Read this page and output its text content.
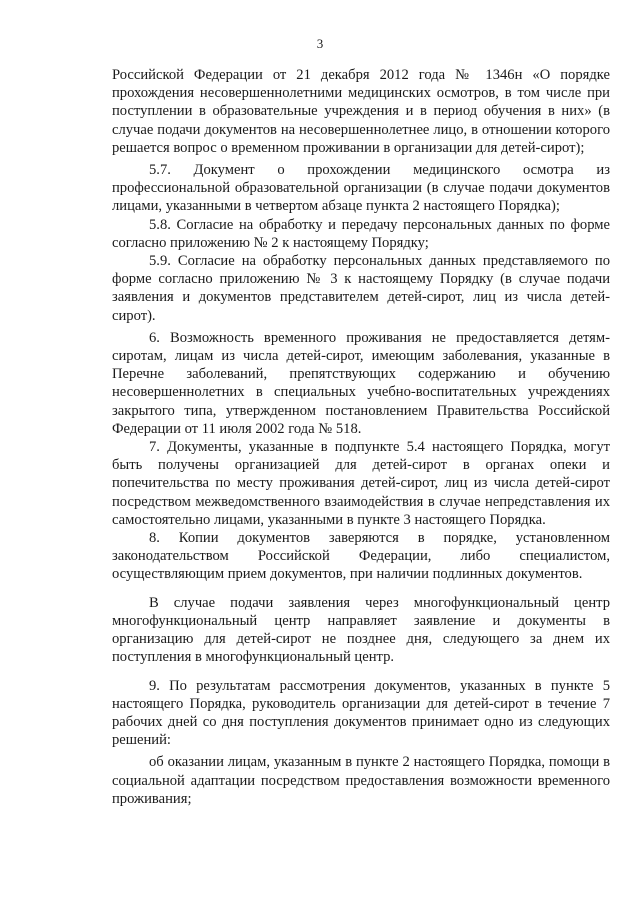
3

Российской Федерации от 21 декабря 2012 года № 1346н «О порядке прохождения несовершеннолетними медицинских осмотров, в том числе при поступлении в образовательные учреждения и в период обучения в них» (в случае подачи документов на несовершеннолетнее лицо, в отношении которого решается вопрос о временном проживании в организации для детей-сирот);

5.7. Документ о прохождении медицинского осмотра из профессиональной образовательной организации (в случае подачи документов лицами, указанными в четвертом абзаце пункта 2 настоящего Порядка);

5.8. Согласие на обработку и передачу персональных данных по форме согласно приложению № 2 к настоящему Порядку;

5.9. Согласие на обработку персональных данных представляемого по форме согласно приложению № 3 к настоящему Порядку (в случае подачи заявления и документов представителем детей-сирот, лиц из числа детей-сирот).

6. Возможность временного проживания не предоставляется детям-сиротам, лицам из числа детей-сирот, имеющим заболевания, указанные в Перечне заболеваний, препятствующих содержанию и обучению несовершеннолетних в специальных учебно-воспитательных учреждениях закрытого типа, утвержденном постановлением Правительства Российской Федерации от 11 июля 2002 года № 518.

7. Документы, указанные в подпункте 5.4 настоящего Порядка, могут быть получены организацией для детей-сирот в органах опеки и попечительства по месту проживания детей-сирот, лиц из числа детей-сирот посредством межведомственного взаимодействия в случае непредставления их самостоятельно лицами, указанными в пункте 3 настоящего Порядка.

8. Копии документов заверяются в порядке, установленном законодательством Российской Федерации, либо специалистом, осуществляющим прием документов, при наличии подлинных документов.

В случае подачи заявления через многофункциональный центр многофункциональный центр направляет заявление и документы в организацию для детей-сирот не позднее дня, следующего за днем их поступления в многофункциональный центр.

9. По результатам рассмотрения документов, указанных в пункте 5 настоящего Порядка, руководитель организации для детей-сирот в течение 7 рабочих дней со дня поступления документов принимает одно из следующих решений:

об оказании лицам, указанным в пункте 2 настоящего Порядка, помощи в социальной адаптации посредством предоставления возможности временного проживания;
